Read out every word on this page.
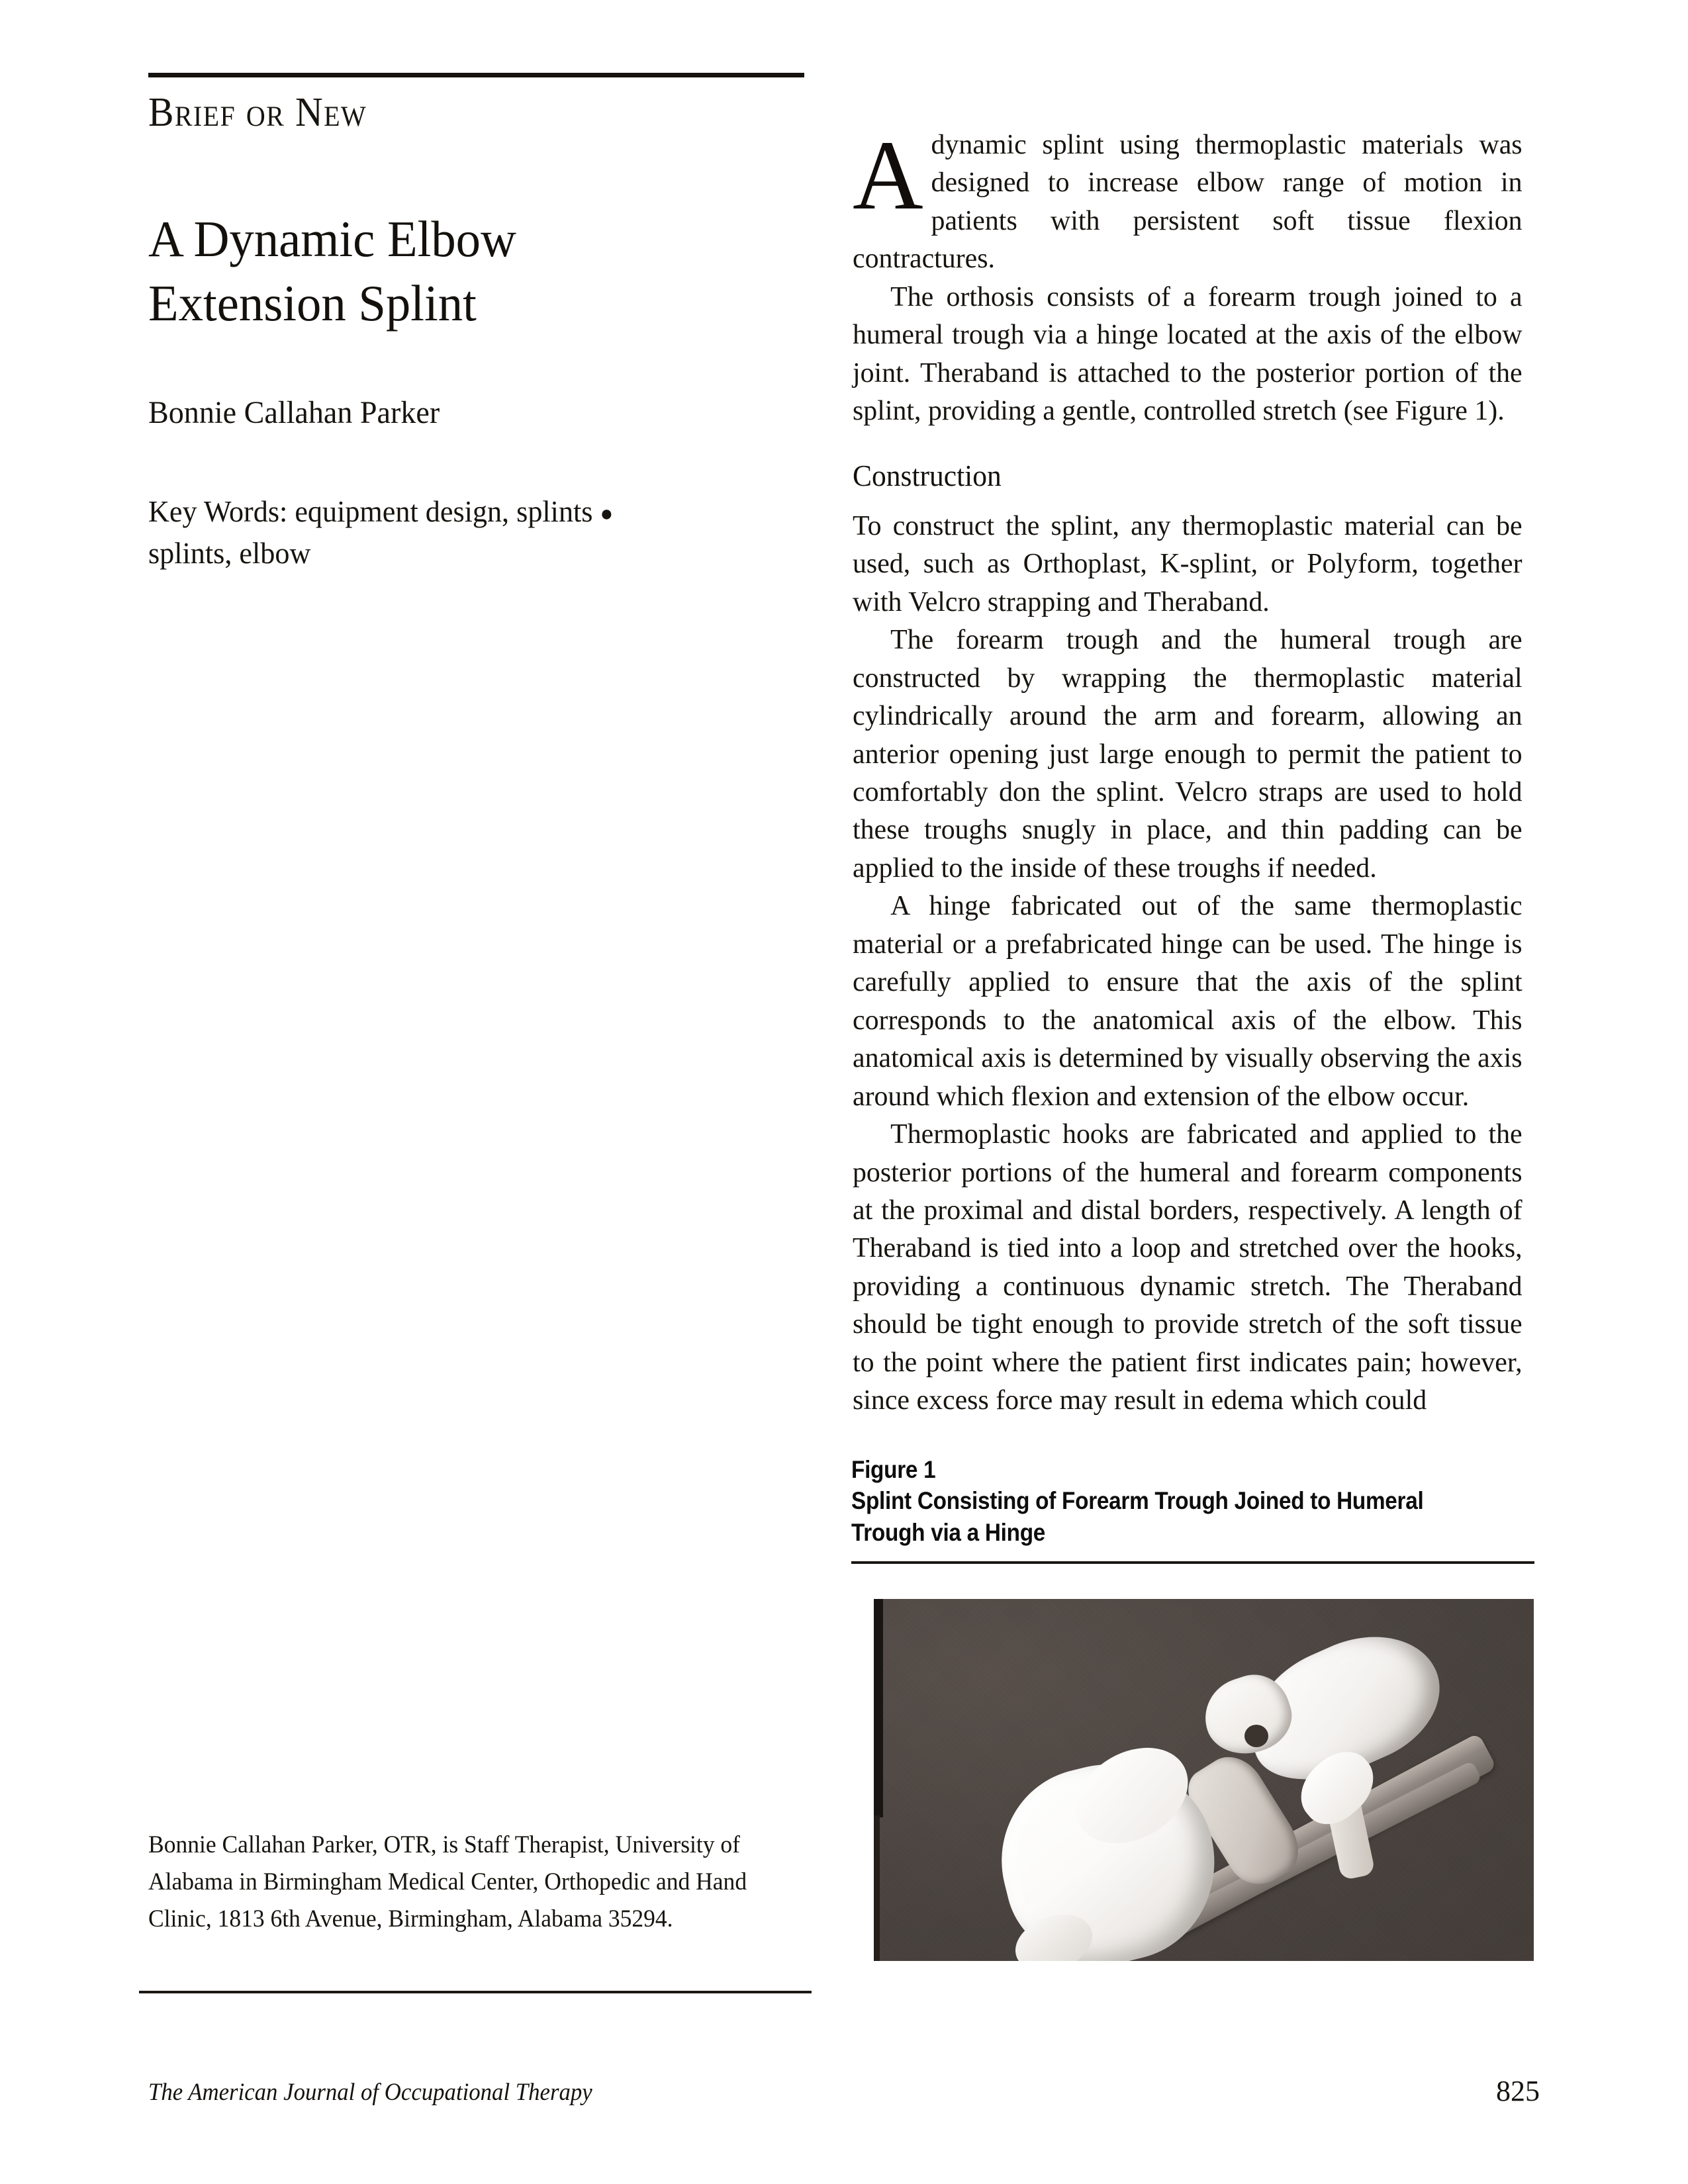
Brief or New
A Dynamic Elbow
Extension Splint
Bonnie Callahan Parker
Key Words: equipment design, splints ●
splints, elbow
Bonnie Callahan Parker, OTR, is Staff Therapist, University of Alabama in Birmingham Medical Center, Orthopedic and Hand Clinic, 1813 6th Avenue, Birmingham, Alabama 35294.
A dynamic splint using thermoplastic materials was designed to increase elbow range of motion in patients with persistent soft tissue flexion contractures.

The orthosis consists of a forearm trough joined to a humeral trough via a hinge located at the axis of the elbow joint. Theraband is attached to the posterior portion of the splint, providing a gentle, controlled stretch (see Figure 1).

Construction

To construct the splint, any thermoplastic material can be used, such as Orthoplast, K-splint, or Polyform, together with Velcro strapping and Theraband.

The forearm trough and the humeral trough are constructed by wrapping the thermoplastic material cylindrically around the arm and forearm, allowing an anterior opening just large enough to permit the patient to comfortably don the splint. Velcro straps are used to hold these troughs snugly in place, and thin padding can be applied to the inside of these troughs if needed.

A hinge fabricated out of the same thermoplastic material or a prefabricated hinge can be used. The hinge is carefully applied to ensure that the axis of the splint corresponds to the anatomical axis of the elbow. This anatomical axis is determined by visually observing the axis around which flexion and extension of the elbow occur.

Thermoplastic hooks are fabricated and applied to the posterior portions of the humeral and forearm components at the proximal and distal borders, respectively. A length of Theraband is tied into a loop and stretched over the hooks, providing a continuous dynamic stretch. The Theraband should be tight enough to provide stretch of the soft tissue to the point where the patient first indicates pain; however, since excess force may result in edema which could

Figure 1
Splint Consisting of Forearm Trough Joined to Humeral Trough via a Hinge
The American Journal of Occupational Therapy	825
